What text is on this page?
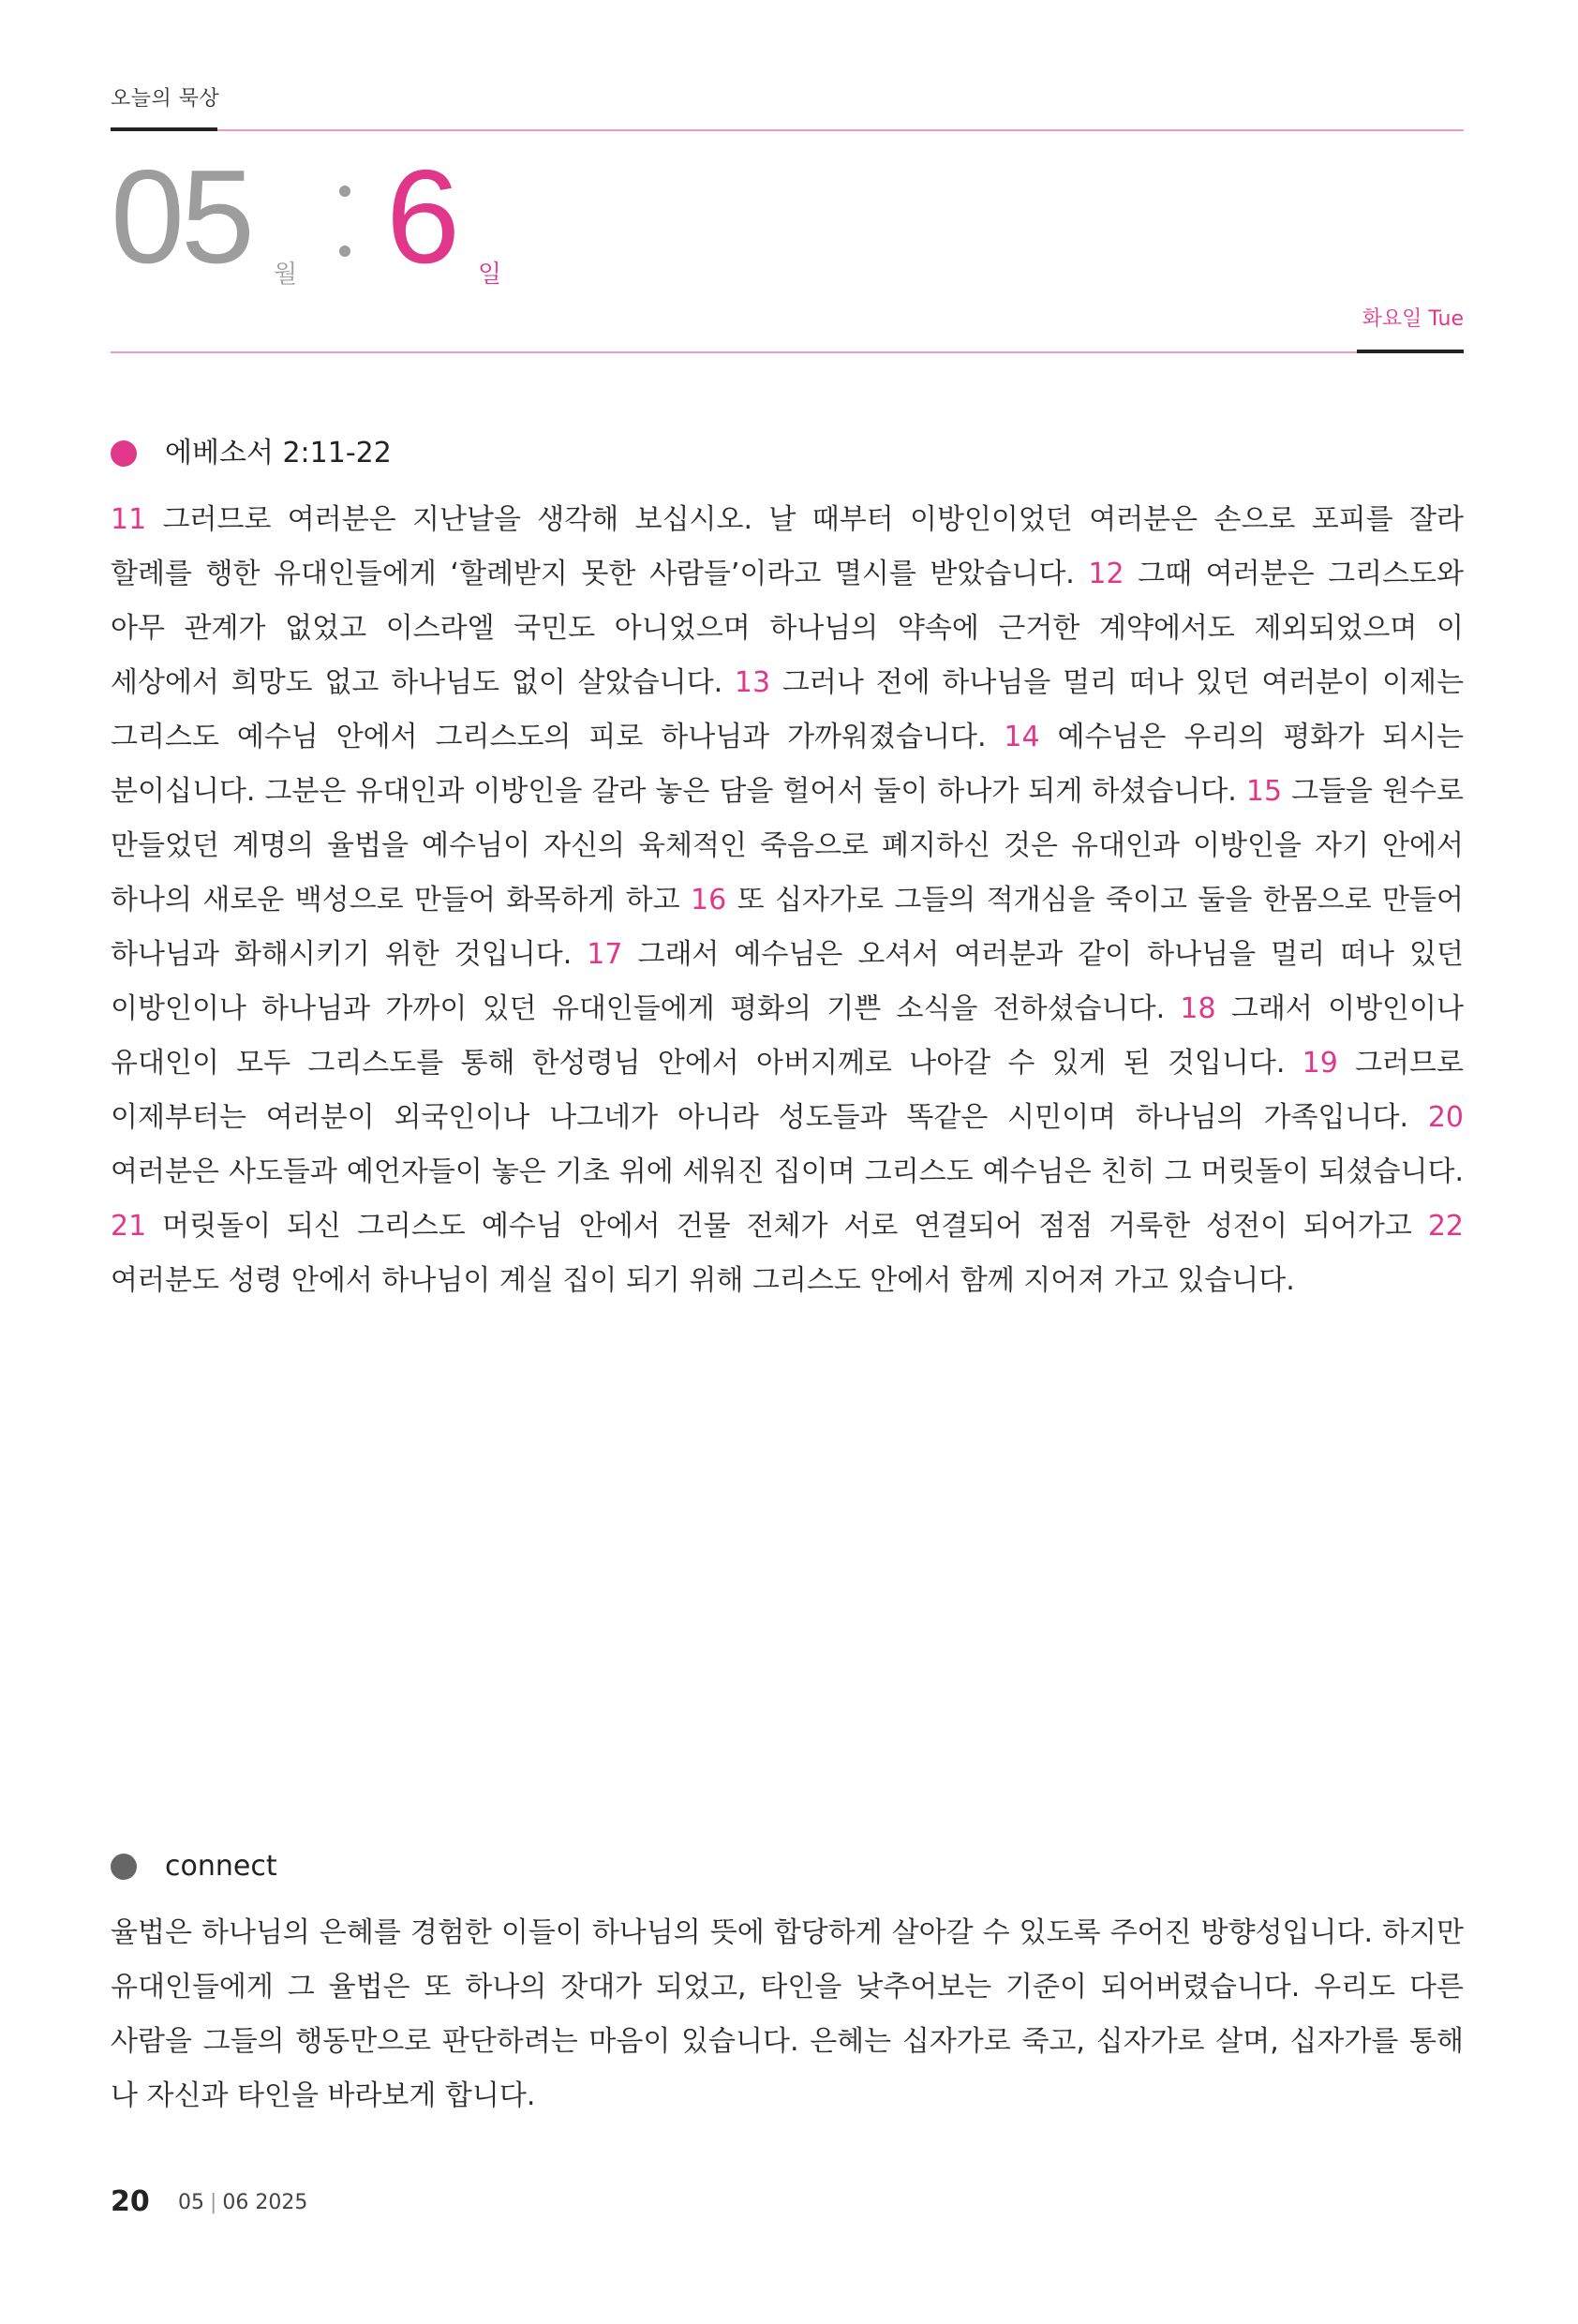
오늘의 묵상
05 월 6 일
화요일 Tue
에베소서 2:11-22
11 그러므로 여러분은 지난날을 생각해 보십시오. 날 때부터 이방인이었던 여러분은 손으로 포피를 잘라 할례를 행한 유대인들에게 ‘할례받지 못한 사람들’이라고 멸시를 받았습니다. 12 그때 여러분은 그리스도와 아무 관계가 없었고 이스라엘 국민도 아니었으며 하나님의 약속에 근거한 계약에서도 제외되었으며 이 세상에서 희망도 없고 하나님도 없이 살았습니다. 13 그러나 전에 하나님을 멀리 떠나 있던 여러분이 이제는 그리스도 예수님 안에서 그리스도의 피로 하나님과 가까워졌습니다. 14 예수님은 우리의 평화가 되시는 분이십니다. 그분은 유대인과 이방인을 갈라 놓은 담을 헐어서 둘이 하나가 되게 하셨습니다. 15 그들을 원수로 만들었던 계명의 율법을 예수님이 자신의 육체적인 죽음으로 폐지하신 것은 유대인과 이방인을 자기 안에서 하나의 새로운 백성으로 만들어 화목하게 하고 16 또 십자가로 그들의 적개심을 죽이고 둘을 한몸으로 만들어 하나님과 화해시키기 위한 것입니다. 17 그래서 예수님은 오셔서 여러분과 같이 하나님을 멀리 떠나 있던 이방인이나 하나님과 가까이 있던 유대인들에게 평화의 기쁜 소식을 전하셨습니다. 18 그래서 이방인이나 유대인이 모두 그리스도를 통해 한성령님 안에서 아버지께로 나아갈 수 있게 된 것입니다. 19 그러므로 이제부터는 여러분이 외국인이나 나그네가 아니라 성도들과 똑같은 시민이며 하나님의 가족입니다. 20 여러분은 사도들과 예언자들이 놓은 기초 위에 세워진 집이며 그리스도 예수님은 친히 그 머릿돌이 되셨습니다. 21 머릿돌이 되신 그리스도 예수님 안에서 건물 전체가 서로 연결되어 점점 거룩한 성전이 되어가고 22 여러분도 성령 안에서 하나님이 계실 집이 되기 위해 그리스도 안에서 함께 지어져 가고 있습니다.
connect
율법은 하나님의 은혜를 경험한 이들이 하나님의 뜻에 합당하게 살아갈 수 있도록 주어진 방향성입니다. 하지만 유대인들에게 그 율법은 또 하나의 잣대가 되었고, 타인을 낮추어보는 기준이 되어버렸습니다. 우리도 다른 사람을 그들의 행동만으로 판단하려는 마음이 있습니다. 은혜는 십자가로 죽고, 십자가로 살며, 십자가를 통해 나 자신과 타인을 바라보게 합니다.
20 05 | 06 2025
